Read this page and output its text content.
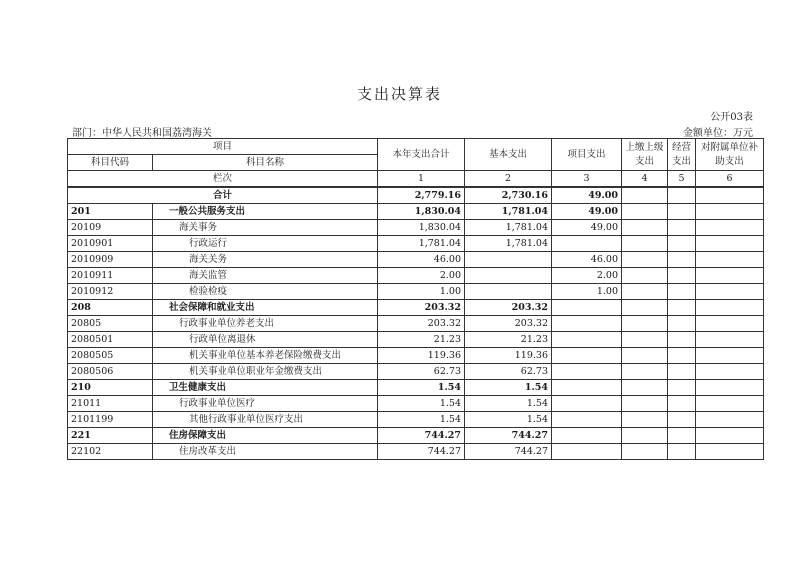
支出决算表
公开03表
部门：中华人民共和国荔湾海关	金额单位：万元
项目		本年支出合计	基本支出	项目支出	上缴上级支出	经营支出	对附属单位补助支出
科目代码	科目名称						
栏次		1	2	3	4	5	6
合计		2,779.16	2,730.16	49.00			
201	一般公共服务支出	1,830.04	1,781.04	49.00			
20109	海关事务	1,830.04	1,781.04	49.00			
2010901	行政运行	1,781.04	1,781.04				
2010909	海关关务	46.00		46.00			
2010911	海关监管	2.00		2.00			
2010912	检验检疫	1.00		1.00			
208	社会保障和就业支出	203.32	203.32				
20805	行政事业单位养老支出	203.32	203.32				
2080501	行政单位离退休	21.23	21.23				
2080505	机关事业单位基本养老保险缴费支出	119.36	119.36				
2080506	机关事业单位职业年金缴费支出	62.73	62.73				
210	卫生健康支出	1.54	1.54				
21011	行政事业单位医疗	1.54	1.54				
2101199	其他行政事业单位医疗支出	1.54	1.54				
221	住房保障支出	744.27	744.27				
22102	住房改革支出	744.27	744.27				
